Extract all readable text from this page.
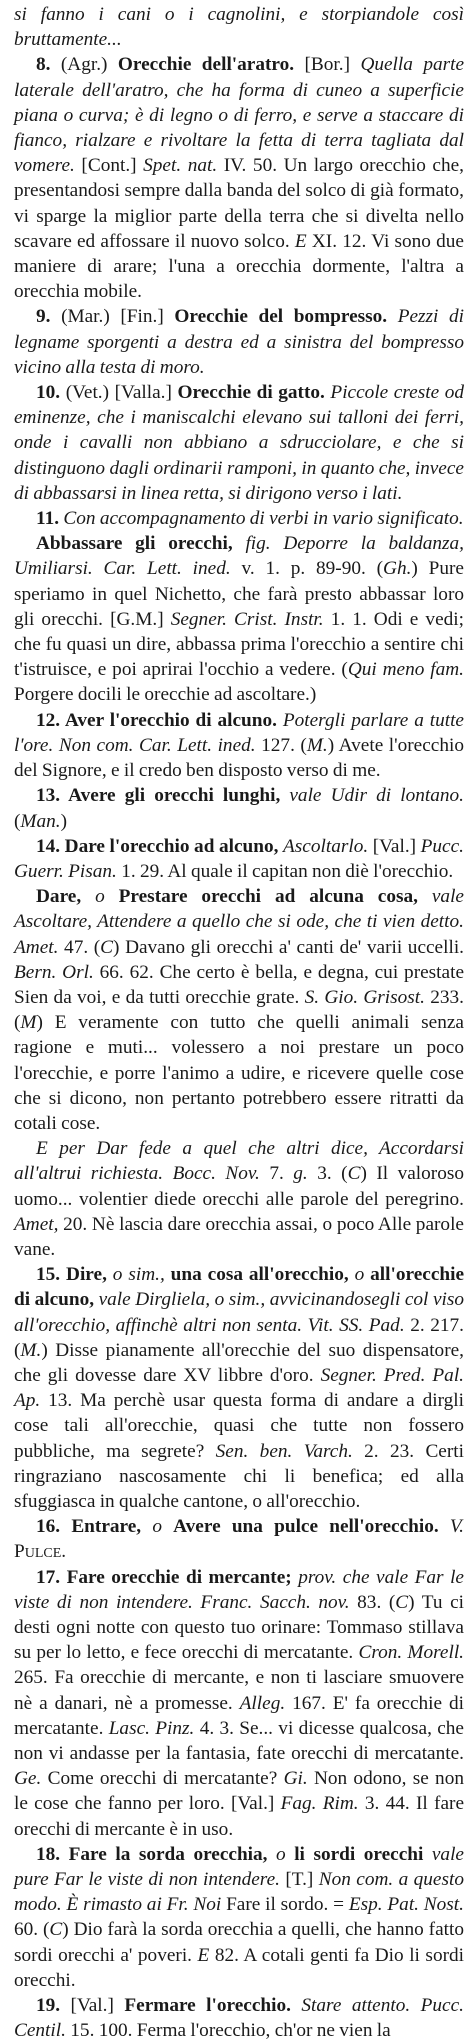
si fanno i cani o i cagnolini, e storpiandole così bruttamente...

8. (Agr.) Orecchie dell'aratro. [Bor.] Quella parte laterale dell'aratro, che ha forma di cuneo a superficie piana o curva; è di legno o di ferro, e serve a staccare di fianco, rialzare e rivoltare la fetta di terra tagliata dal vomere. [Cont.] Spet. nat. IV. 50. Un largo orecchio che, presentandosi sempre dalla banda del solco di già formato, vi sparge la miglior parte della terra che si divelta nello scavare ed affossare il nuovo solco. E XI. 12. Vi sono due maniere di arare; l'una a orecchia dormente, l'altra a orecchia mobile.

9. (Mar.) [Fin.] Orecchie del bompresso. Pezzi di legname sporgenti a destra ed a sinistra del bompresso vicino alla testa di moro.

10. (Vet.) [Valla.] Orecchie di gatto. Piccole creste od eminenze, che i maniscalchi elevano sui talloni dei ferri, onde i cavalli non abbiano a sdrucciolare, e che si distinguono dagli ordinarii ramponi, in quanto che, invece di abbassarsi in linea retta, si dirigono verso i lati.

11. Con accompagnamento di verbi in vario significato.

Abbassare gli orecchi, fig. Deporre la baldanza, Umiliarsi. Car. Lett. ined. v. 1. p. 89-90. (Gh.) Pure speriamo in quel Nichetto, che farà presto abbassar loro gli orecchi. [G.M.] Segner. Crist. Instr. 1. 1. Odi e vedi; che fu quasi un dire, abbassa prima l'orecchio a sentire chi t'istruisce, e poi aprirai l'occhio a vedere. (Qui meno fam. Porgere docili le orecchie ad ascoltare.)

12. Aver l'orecchio di alcuno. Potergli parlare a tutte l'ore. Non com. Car. Lett. ined. 127. (M.) Avete l'orecchio del Signore, e il credo ben disposto verso di me.

13. Avere gli orecchi lunghi, vale Udir di lontano. (Man.)

14. Dare l'orecchio ad alcuno, Ascoltarlo. [Val.] Pucc. Guerr. Pisan. 1. 29. Al quale il capitan non diè l'orecchio.

Dare, o Prestare orecchi ad alcuna cosa, vale Ascoltare, Attendere a quello che si ode, che ti vien detto. Amet. 47. (C) Davano gli orecchi a' canti de' varii uccelli. Bern. Orl. 66. 62. Che certo è bella, e degna, cui prestate Sien da voi, e da tutti orecchie grate. S. Gio. Grisost. 233. (M) E veramente con tutto che quelli animali senza ragione e muti... volessero a noi prestare un poco l'orecchie, e porre l'animo a udire, e ricevere quelle cose che si dicono, non pertanto potrebbero essere ritratti da cotali cose.

E per Dar fede a quel che altri dice, Accordarsi all'altrui richiesta. Bocc. Nov. 7. g. 3. (C) Il valoroso uomo... volentier diede orecchi alle parole del peregrino. Amet, 20. Nè lascia dare orecchia assai, o poco Alle parole vane.

15. Dire, o sim., una cosa all'orecchio, o all'orecchie di alcuno, vale Dirgliela, o sim., avvicinandosegli col viso all'orecchio, affinchè altri non senta. Vit. SS. Pad. 2. 217. (M.) Disse pianamente all'orecchie del suo dispensatore, che gli dovesse dare XV libbre d'oro. Segner. Pred. Pal. Ap. 13. Ma perchè usar questa forma di andare a dirgli cose tali all'orecchie, quasi che tutte non fossero pubbliche, ma segrete? Sen. ben. Varch. 2. 23. Certi ringraziano nascosamente chi li benefica; ed alla sfuggiasca in qualche cantone, o all'orecchio.

16. Entrare, o Avere una pulce nell'orecchio. V. Pulce.

17. Fare orecchie di mercante; prov. che vale Far le viste di non intendere. Franc. Sacch. nov. 83. (C) Tu ci desti ogni notte con questo tuo orinare: Tommaso stillava su per lo letto, e fece orecchi di mercatante. Cron. Morell. 265. Fa orecchie di mercante, e non ti lasciare smuovere nè a danari, nè a promesse. Alleg. 167. E' fa orecchie di mercatante. Lasc. Pinz. 4. 3. Se... vi dicesse qualcosa, che non vi andasse per la fantasia, fate orecchi di mercatante. Ge. Come orecchi di mercatante? Gi. Non odono, se non le cose che fanno per loro. [Val.] Fag. Rim. 3. 44. Il fare orecchi di mercante è in uso.

18. Fare la sorda orecchia, o li sordi orecchi vale pure Far le viste di non intendere. [T.] Non com. a questo modo. È rimasto ai Fr. Noi Fare il sordo. = Esp. Pat. Nost. 60. (C) Dio farà la sorda orecchia a quelli, che hanno fatto sordi orecchi a' poveri. E 82. A cotali genti fa Dio li sordi orecchi.

19. [Val.] Fermare l'orecchio. Stare attento. Pucc. Centil. 15. 100. Ferma l'orecchio, ch'or ne vien la
